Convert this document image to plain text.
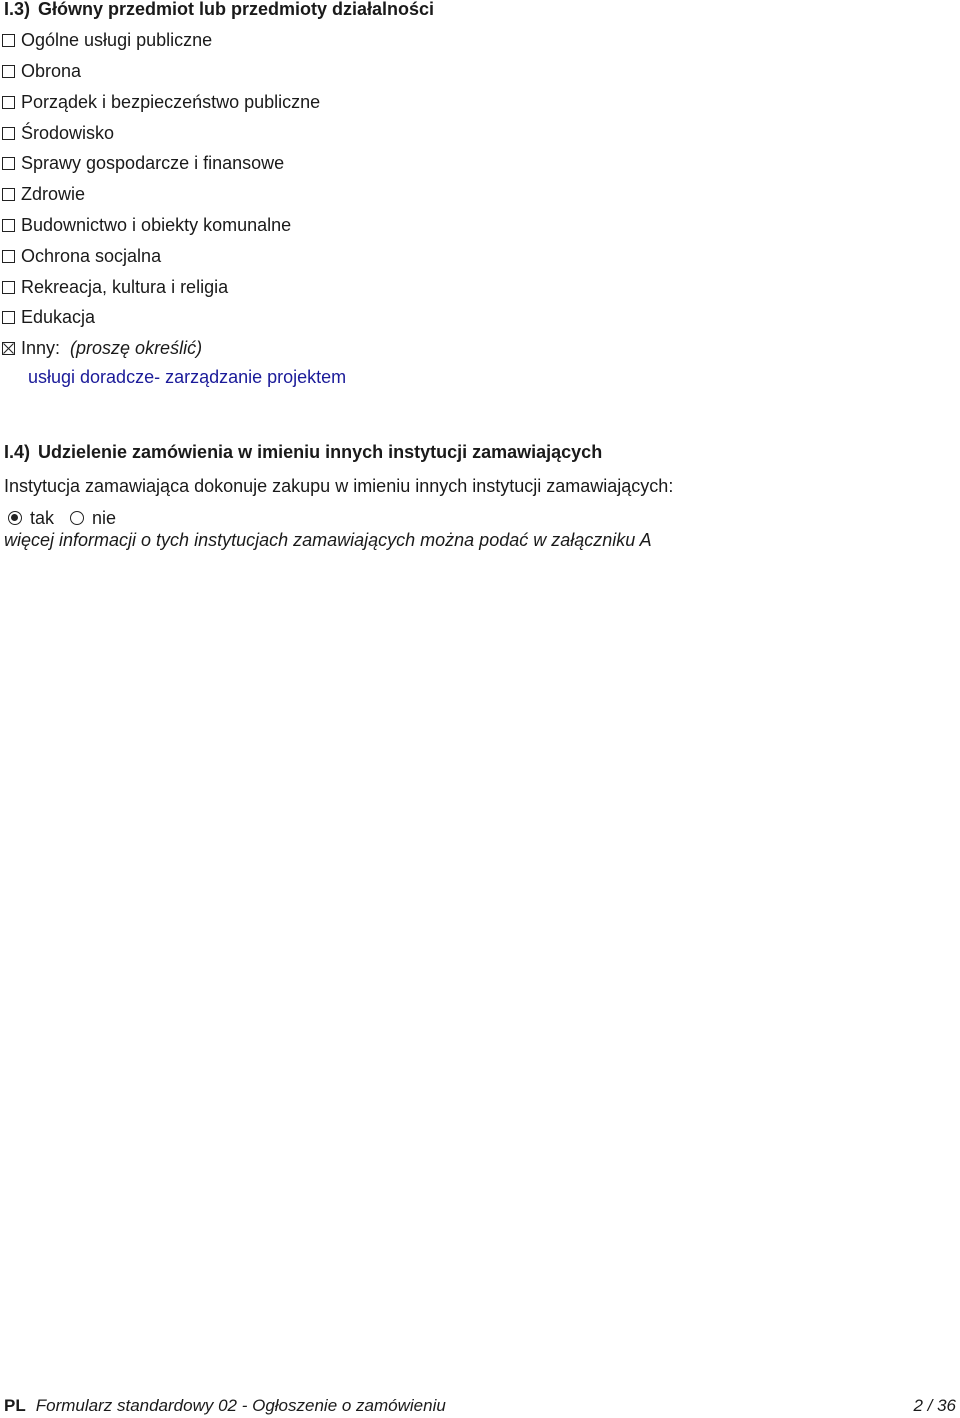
I.3) Główny przedmiot lub przedmioty działalności
Ogólne usługi publiczne
Obrona
Porządek i bezpieczeństwo publiczne
Środowisko
Sprawy gospodarcze i finansowe
Zdrowie
Budownictwo i obiekty komunalne
Ochrona socjalna
Rekreacja, kultura i religia
Edukacja
Inny: (proszę określić)
usługi doradcze- zarządzanie projektem
I.4) Udzielenie zamówienia w imieniu innych instytucji zamawiających
Instytucja zamawiająca dokonuje zakupu w imieniu innych instytucji zamawiających:
tak nie
więcej informacji o tych instytucjach zamawiających można podać w załączniku A
PL Formularz standardowy 02 - Ogłoszenie o zamówieniu	2 / 36
